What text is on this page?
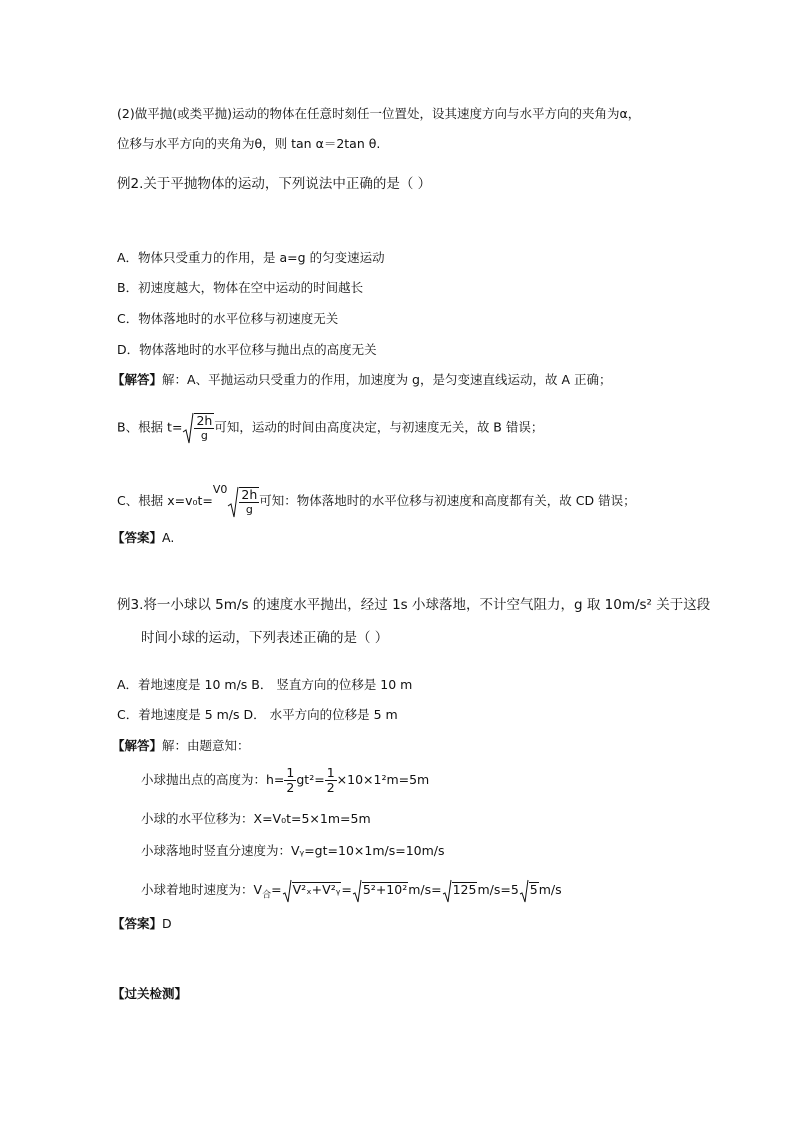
(2)做平抛(或类平抛)运动的物体在任意时刻任一位置处，设其速度方向与水平方向的夹角为α，
位移与水平方向的夹角为θ，则 tan α＝2tan θ.
例2.关于平抛物体的运动，下列说法中正确的是（ ）
A．物体只受重力的作用，是 a=g 的匀变速运动
B．初速度越大，物体在空中运动的时间越长
C．物体落地时的水平位移与初速度无关
D．物体落地时的水平位移与抛出点的高度无关
【解答】解：A、平抛运动只受重力的作用，加速度为 g，是匀变速直线运动，故 A 正确；
B、根据 $t= \frac{2h}{g}$ 可知，运动的时间由高度决定，与初速度无关，故 B 错误；
C、根据 $x=v_0t=V0 \frac{2h}{g}$ 可知：物体落地时的水平位移与初速度和高度都有关，故 CD 错误；
【答案】A.
例3.将一小球以 5m/s 的速度水平抛出，经过 1s 小球落地，不计空气阻力，g 取 10m/s² 关于这段
时间小球的运动，下列表述正确的是（ ）
A．着地速度是 10 m/s B． 竖直方向的位移是 10 m
C．着地速度是 5 m/s D． 水平方向的位移是 5 m
【解答】解：由题意知：
小球抛出点的高度为：$h= \frac{1}{2} gt^2= \frac{1}{2} \times 10\times 1^2m=5m$
小球的水平位移为：X=V₀t=5×1m=5m
小球落地时竖直分速度为：Vᵧ=gt=10×1m/s=10m/s
小球着地时速度为：$V_合=$ V²ₓ+V²ᵧ= 5²+10²m/s= 125m/s=5 5m/s
【答案】D
【过关检测】
